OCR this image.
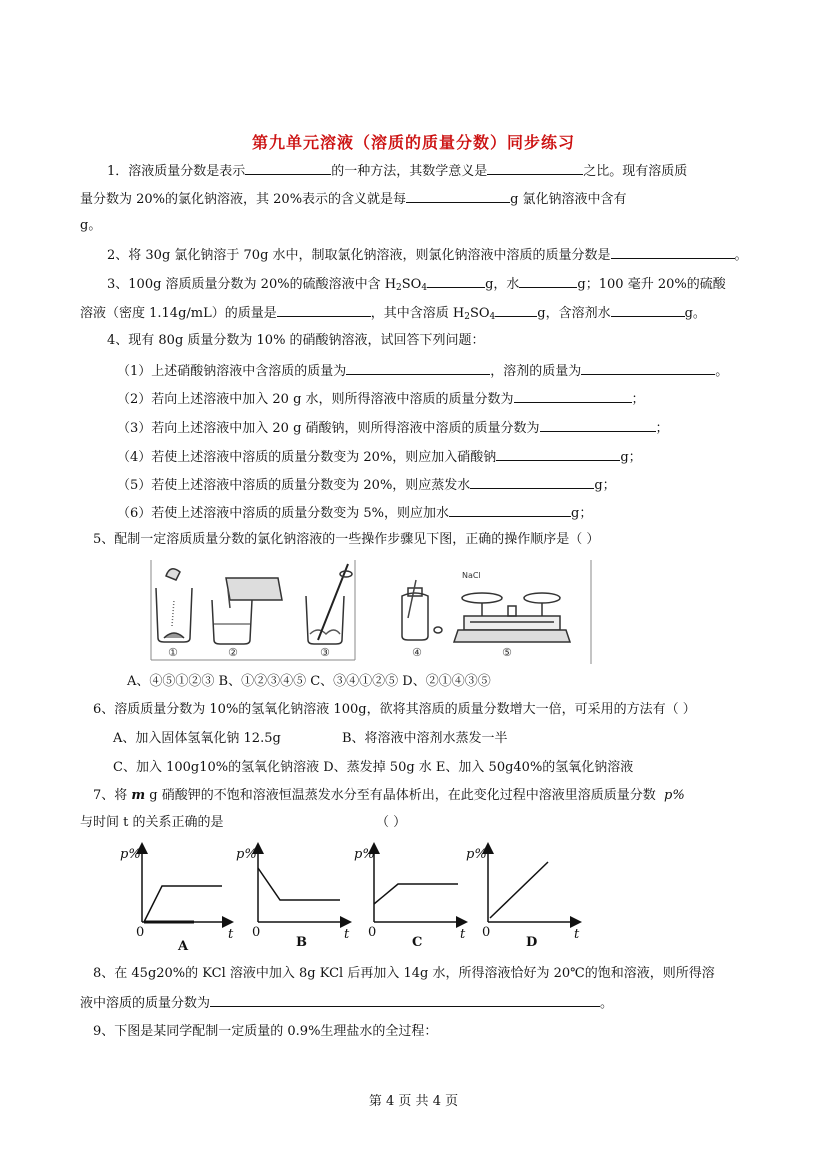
第九单元溶液（溶质的质量分数）同步练习
1．溶液质量分数是表示	的一种方法，其数学意义是	之比。现有溶质质
量分数为 20%的氯化钠溶液，其 20%表示的含义就是每	g 氯化钠溶液中含有
g。
2、将 30g 氯化钠溶于 70g 水中，制取氯化钠溶液，则氯化钠溶液中溶质的质量分数是	。
3、100g 溶质质量分数为 20%的硫酸溶液中含 $H_2SO_4$	g，水	g；100 毫升 20%的硫酸
溶液（密度 1.14g/mL）的质量是	，其中含溶质 $H_2SO_4$	g，含溶剂水	g。
4、现有 80g 质量分数为 10% 的硝酸钠溶液，试回答下列问题：
（1）上述硝酸钠溶液中含溶质的质量为	，溶剂的质量为	。
（2）若向上述溶液中加入 20 g 水，则所得溶液中溶质的质量分数为	；
（3）若向上述溶液中加入 20 g 硝酸钠，则所得溶液中溶质的质量分数为	；
（4）若使上述溶液中溶质的质量分数变为 20%，则应加入硝酸钠	g；
（5）若使上述溶液中溶质的质量分数变为 20%，则应蒸发水	g；
（6）若使上述溶液中溶质的质量分数变为 5%，则应加水	g；
5、配制一定溶质质量分数的氯化钠溶液的一些操作步骤见下图，正确的操作顺序是（ ）
①	②	③	④	⑤
NaCl
A、④⑤①②③ B、①②③④⑤ C、③④①②⑤ D、②①④③⑤
6、溶质质量分数为 10%的氢氧化钠溶液 100g，欲将其溶质的质量分数增大一倍，可采用的方法有（ ）
A、加入固体氢氧化钠 12.5g	B、将溶液中溶剂水蒸发一半
C、加入 100g10%的氢氧化钠溶液 D、蒸发掉 50g 水 E、加入 50g40%的氢氧化钠溶液
7、将 m g 硝酸钾的不饱和溶液恒温蒸发水分至有晶体析出，在此变化过程中溶液里溶质质量分数 p%
与时间 t 的关系正确的是	（ ）
p%	p%	p%	p%
t	t	t	t
0	0	0	0
A	B	C	D
8、在 45g20%的 KCl 溶液中加入 8g KCl 后再加入 14g 水，所得溶液恰好为 20℃的饱和溶液，则所得溶
液中溶质的质量分数为	。
9、下图是某同学配制一定质量的 0.9%生理盐水的全过程：
第 4 页 共 4 页
